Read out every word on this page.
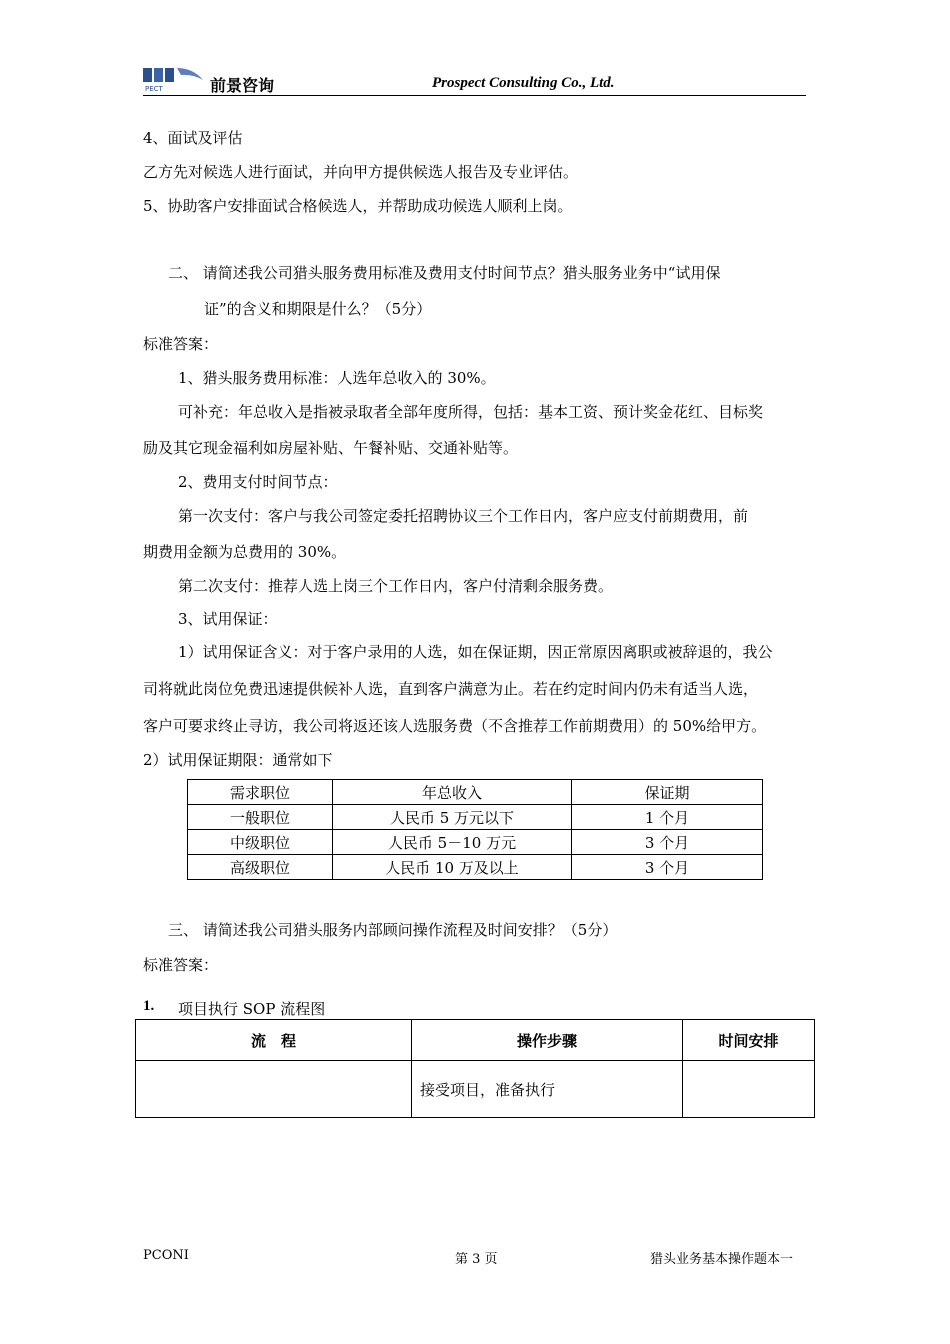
PECT	前景咨询	Prospect Consulting Co., Ltd.
4、面试及评估
乙方先对候选人进行面试，并向甲方提供候选人报告及专业评估。
5、协助客户安排面试合格候选人，并帮助成功候选人顺利上岗。
二、 请简述我公司猎头服务费用标准及费用支付时间节点？猎头服务业务中“试用保
证”的含义和期限是什么？（5分）
标准答案：
1、猎头服务费用标准：人选年总收入的 30%。
可补充：年总收入是指被录取者全部年度所得，包括：基本工资、预计奖金花红、目标奖
励及其它现金福利如房屋补贴、午餐补贴、交通补贴等。
2、费用支付时间节点：
第一次支付：客户与我公司签定委托招聘协议三个工作日内，客户应支付前期费用，前
期费用金额为总费用的 30%。
第二次支付：推荐人选上岗三个工作日内，客户付清剩余服务费。
3、试用保证：
1）试用保证含义：对于客户录用的人选，如在保证期，因正常原因离职或被辞退的，我公
司将就此岗位免费迅速提供候补人选，直到客户满意为止。若在约定时间内仍未有适当人选，
客户可要求终止寻访，我公司将返还该人选服务费（不含推荐工作前期费用）的 50%给甲方。
2）试用保证期限：通常如下
需求职位	年总收入	保证期
一般职位	人民币 5 万元以下	1 个月
中级职位	人民币 5－10 万元	3 个月
高级职位	人民币 10 万及以上	3 个月
三、 请简述我公司猎头服务内部顾问操作流程及时间安排？（5分）
标准答案：
1. 项目执行 SOP 流程图
流　程	操作步骤	时间安排
	接受项目，准备执行	
PCONI	第 3 页	猎头业务基本操作题本一
